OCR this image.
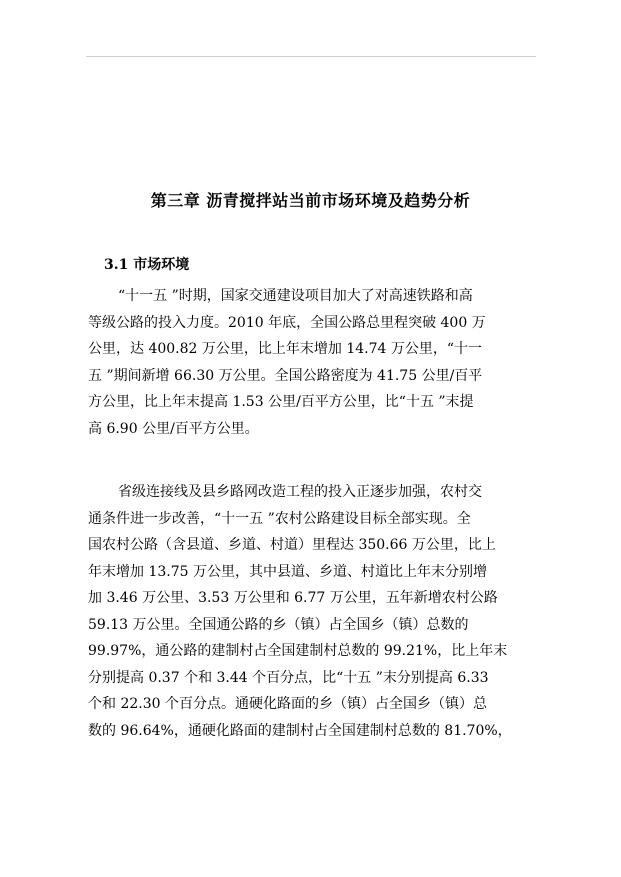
第三章 沥青搅拌站当前市场环境及趋势分析
3.1 市场环境
“十一五 ”时期，国家交通建设项目加大了对高速铁路和高
等级公路的投入力度。2010 年底，全国公路总里程突破 400 万
公里，达 400.82 万公里，比上年末增加 14.74 万公里，“十一
五 ”期间新增 66.30 万公里。全国公路密度为 41.75 公里/百平
方公里，比上年末提高 1.53 公里/百平方公里，比“十五 ”末提
高 6.90 公里/百平方公里。
省级连接线及县乡路网改造工程的投入正逐步加强，农村交
通条件进一步改善，“十一五 ”农村公路建设目标全部实现。全
国农村公路（含县道、乡道、村道）里程达 350.66 万公里，比上
年末增加 13.75 万公里，其中县道、乡道、村道比上年末分别增
加 3.46 万公里、3.53 万公里和 6.77 万公里，五年新增农村公路
59.13 万公里。全国通公路的乡（镇）占全国乡（镇）总数的
99.97%，通公路的建制村占全国建制村总数的 99.21%，比上年末
分别提高 0.37 个和 3.44 个百分点，比“十五 ”末分别提高 6.33
个和 22.30 个百分点。通硬化路面的乡（镇）占全国乡（镇）总
数的 96.64%，通硬化路面的建制村占全国建制村总数的 81.70%，
